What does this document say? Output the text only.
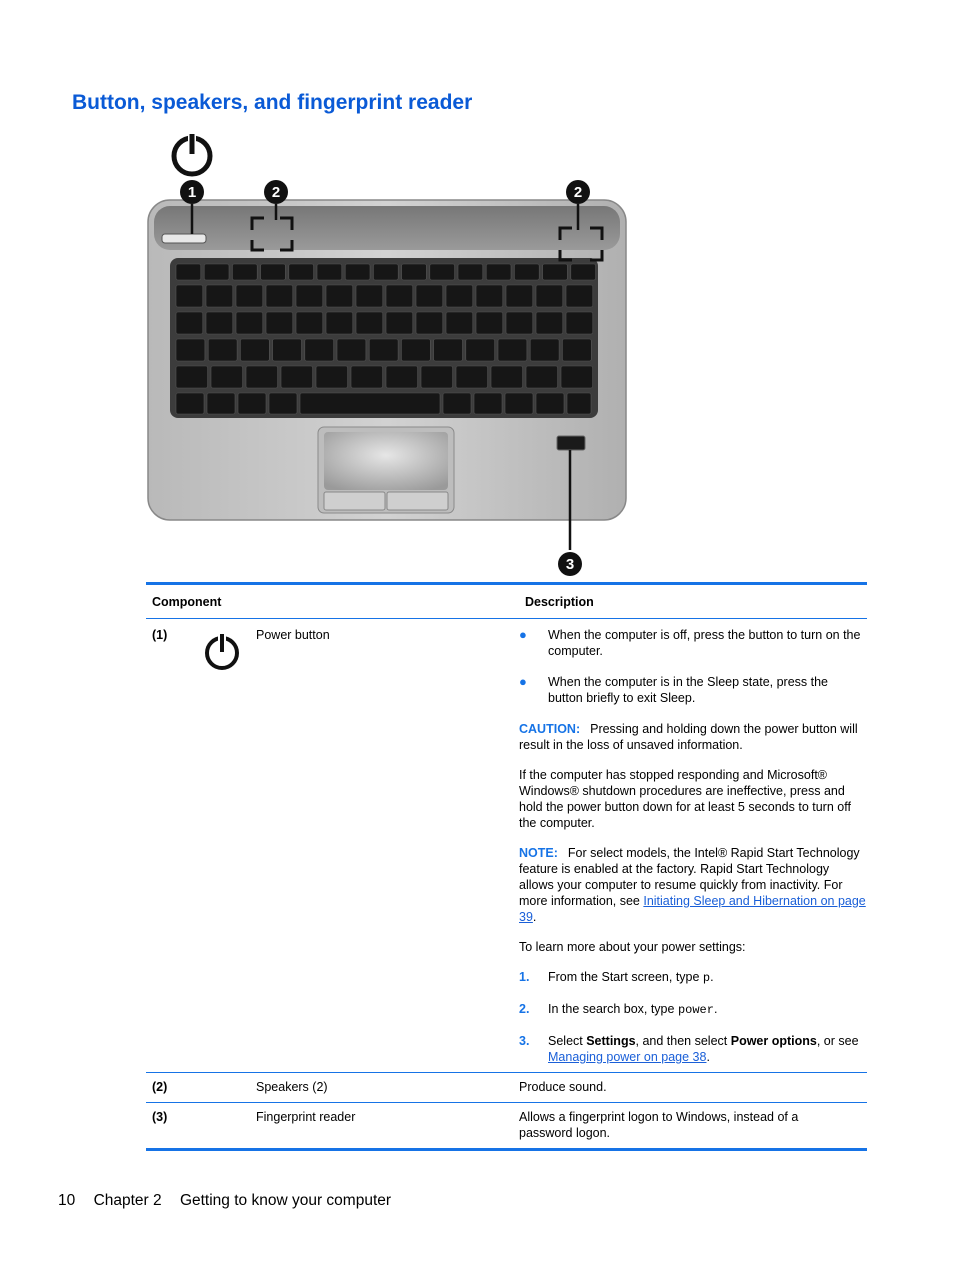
Button, speakers, and fingerprint reader
1	2	2
3
Component	Description
(1)	Power button	●	When the computer is off, press the button to turn on the computer.
●	When the computer is in the Sleep state, press the button briefly to exit Sleep.

CAUTION: Pressing and holding down the power button will result in the loss of unsaved information.

If the computer has stopped responding and Microsoft® Windows® shutdown procedures are ineffective, press and hold the power button down for at least 5 seconds to turn off the computer.

NOTE: For select models, the Intel® Rapid Start Technology feature is enabled at the factory. Rapid Start Technology allows your computer to resume quickly from inactivity. For more information, see Initiating Sleep and Hibernation on page 39.

To learn more about your power settings:

1.	From the Start screen, type p.
2.	In the search box, type power.
3.	Select Settings, and then select Power options, or see Managing power on page 38.
(2)	Speakers (2)	Produce sound.
(3)	Fingerprint reader	Allows a fingerprint logon to Windows, instead of a password logon.
10 Chapter 2 Getting to know your computer
